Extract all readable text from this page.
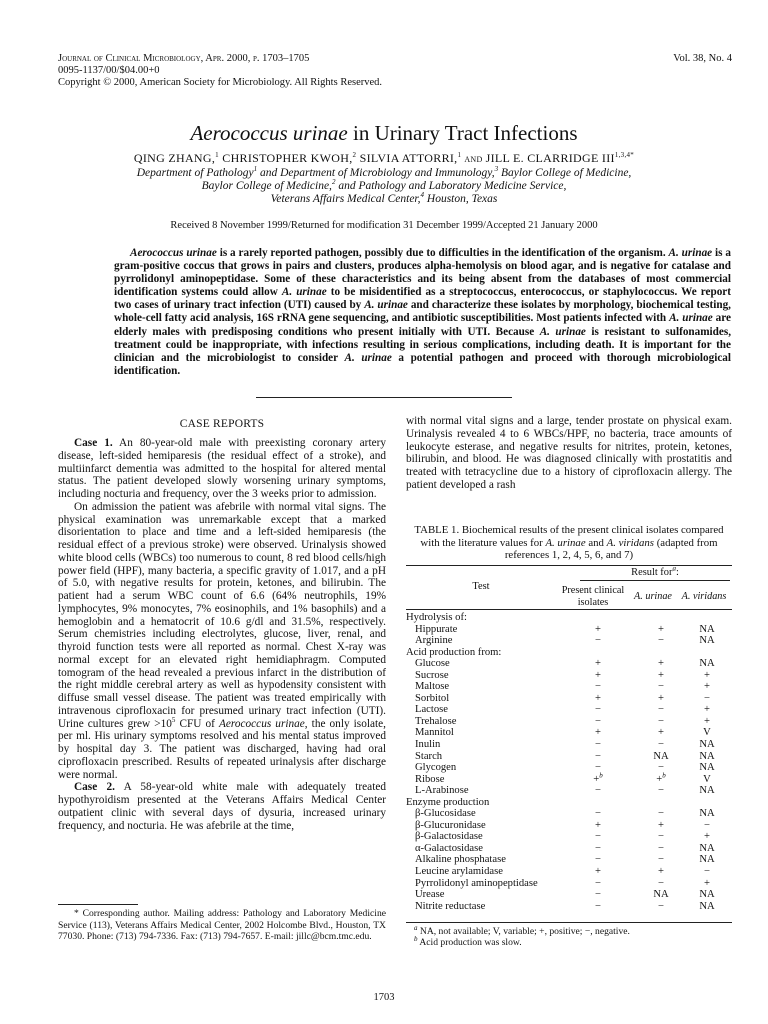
Journal of Clinical Microbiology, Apr. 2000, p. 1703–1705	Vol. 38, No. 4
0095-1137/00/$04.00+0
Copyright © 2000, American Society for Microbiology. All Rights Reserved.
Aerococcus urinae in Urinary Tract Infections
QING ZHANG,$^1$ CHRISTOPHER KWOH,$^2$ SILVIA ATTORRI,$^1$ and JILL E. CLARRIDGE $III^{1,3,4*}$
Department of Pathology$^1$ and Department of Microbiology and Immunology,$^3$ Baylor College of Medicine,
Baylor College of Medicine,$^2$ and Pathology and Laboratory Medicine Service,
Veterans Affairs Medical Center,$^4$ Houston, Texas
Received 8 November 1999/Returned for modification 31 December 1999/Accepted 21 January 2000
Aerococcus urinae is a rarely reported pathogen, possibly due to difficulties in the identification of the organism. A. urinae is a gram-positive coccus that grows in pairs and clusters, produces alpha-hemolysis on blood agar, and is negative for catalase and pyrrolidonyl aminopeptidase. Some of these characteristics and its being absent from the databases of most commercial identification systems could allow A. urinae to be misidentified as a streptococcus, enterococcus, or staphylococcus. We report two cases of urinary tract infection (UTI) caused by A. urinae and characterize these isolates by morphology, biochemical testing, whole-cell fatty acid analysis, 16S rRNA gene sequencing, and antibiotic susceptibilities. Most patients infected with A. urinae are elderly males with predisposing conditions who present initially with UTI. Because A. urinae is resistant to sulfonamides, treatment could be inappropriate, with infections resulting in serious complications, including death. It is important for the clinician and the microbiologist to consider A. urinae a potential pathogen and proceed with thorough microbiological identification.
CASE REPORTS

Case 1. An 80-year-old male with preexisting coronary artery disease, left-sided hemiparesis (the residual effect of a stroke), and multiinfarct dementia was admitted to the hospital for altered mental status. The patient developed slowly worsening urinary symptoms, including nocturia and frequency, over the 3 weeks prior to admission.

On admission the patient was afebrile with normal vital signs. The physical examination was unremarkable except that a marked disorientation to place and time and a left-sided hemiparesis (the residual effect of a previous stroke) were observed. Urinalysis showed white blood cells (WBCs) too numerous to count, 8 red blood cells/high power field (HPF), many bacteria, a specific gravity of 1.017, and a pH of 5.0, with negative results for protein, ketones, and bilirubin. The patient had a serum WBC count of 6.6 (64% neutrophils, 19% lymphocytes, 9% monocytes, 7% eosinophils, and 1% basophils) and a hemoglobin and a hematocrit of 10.6 g/dl and 31.5%, respectively. Serum chemistries including electrolytes, glucose, liver, renal, and thyroid function tests were all reported as normal. Chest X-ray was normal except for an elevated right hemidiaphragm. Computed tomogram of the head revealed a previous infarct in the distribution of the right middle cerebral artery as well as hypodensity consistent with diffuse small vessel disease. The patient was treated empirically with intravenous ciprofloxacin for presumed urinary tract infection (UTI). Urine cultures grew $>10^5$ CFU of Aerococcus urinae, the only isolate, per ml. His urinary symptoms resolved and his mental status improved by hospital day 3. The patient was discharged, having had oral ciprofloxacin prescribed. Results of repeated urinalysis after discharge were normal.

Case 2. A 58-year-old white male with adequately treated hypothyroidism presented at the Veterans Affairs Medical Center outpatient clinic with several days of dysuria, increased urinary frequency, and nocturia. He was afebrile at the time,

* Corresponding author. Mailing address: Pathology and Laboratory Medicine Service (113), Veterans Affairs Medical Center, 2002 Holcombe Blvd., Houston, TX 77030. Phone: (713) 794-7336. Fax: (713) 794-7657. E-mail: jillc@bcm.tmc.edu.

with normal vital signs and a large, tender prostate on physical exam. Urinalysis revealed 4 to 6 WBCs/HPF, no bacteria, trace amounts of leukocyte esterase, and negative results for nitrites, protein, ketones, bilirubin, and blood. He was diagnosed clinically with prostatitis and treated with tetracycline due to a history of ciprofloxacin allergy. The patient developed a rash

TABLE 1. Biochemical results of the present clinical isolates compared with the literature values for A. urinae and A. viridans (adapted from references 1, 2, 4, 5, 6, and 7)
Result for$^a$:
Test	Present clinical isolates	A. urinae A. viridans
Hydrolysis of:			
Hippurate	+	+	NA
Arginine	−	−	NA
Acid production from:			
Glucose	+	+	NA
Sucrose	+	+	+
Maltose	−	−	+
Sorbitol	+	+	−
Lactose	−	−	+
Trehalose	−	−	+
Mannitol	+	+	V
Inulin	−	−	NA
Starch	−	NA	NA
Glycogen	−	−	NA
Ribose	+$^b$	+$^b$	V
L-Arabinose	−	−	NA
Enzyme production			
β-Glucosidase	−	−	NA
β-Glucuronidase	+	+	−
β-Galactosidase	−	−	+
α-Galactosidase	−	−	NA
Alkaline phosphatase	−	−	NA
Leucine arylamidase	+	+	−
Pyrrolidonyl aminopeptidase	−	−	+
Urease	−	NA	NA
Nitrite reductase	−	−	NA
$^a$ NA, not available; V, variable; +, positive; −, negative.
$^b$ Acid production was slow.
1703
